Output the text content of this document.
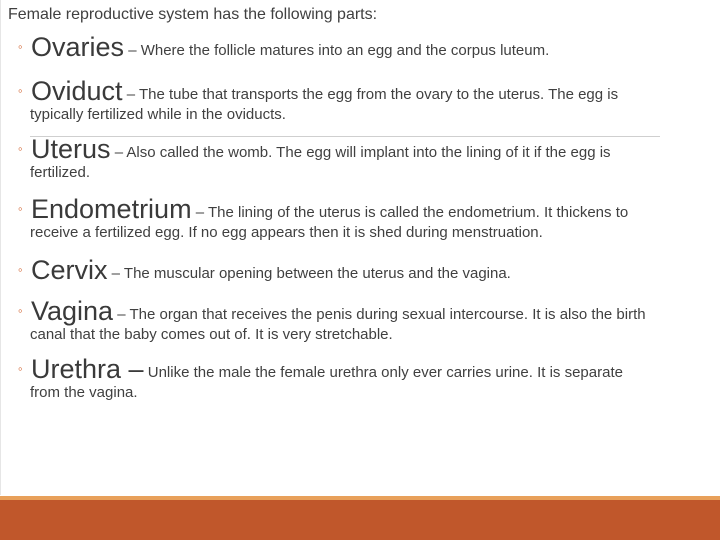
Female reproductive system has the following parts:
◦ Ovaries – Where the follicle matures into an egg and the corpus luteum.
◦ Oviduct – The tube that transports the egg from the ovary to the uterus. The egg is
typically fertilized while in the oviducts.
◦ Uterus – Also called the womb. The egg will implant into the lining of it if the egg is
fertilized.
◦ Endometrium – The lining of the uterus is called the endometrium. It thickens to
receive a fertilized egg. If no egg appears then it is shed during menstruation.
◦ Cervix – The muscular opening between the uterus and the vagina.
◦ Vagina – The organ that receives the penis during sexual intercourse. It is also the birth
canal that the baby comes out of. It is very stretchable.
◦ Urethra – Unlike the male the female urethra only ever carries urine. It is separate
from the vagina.
